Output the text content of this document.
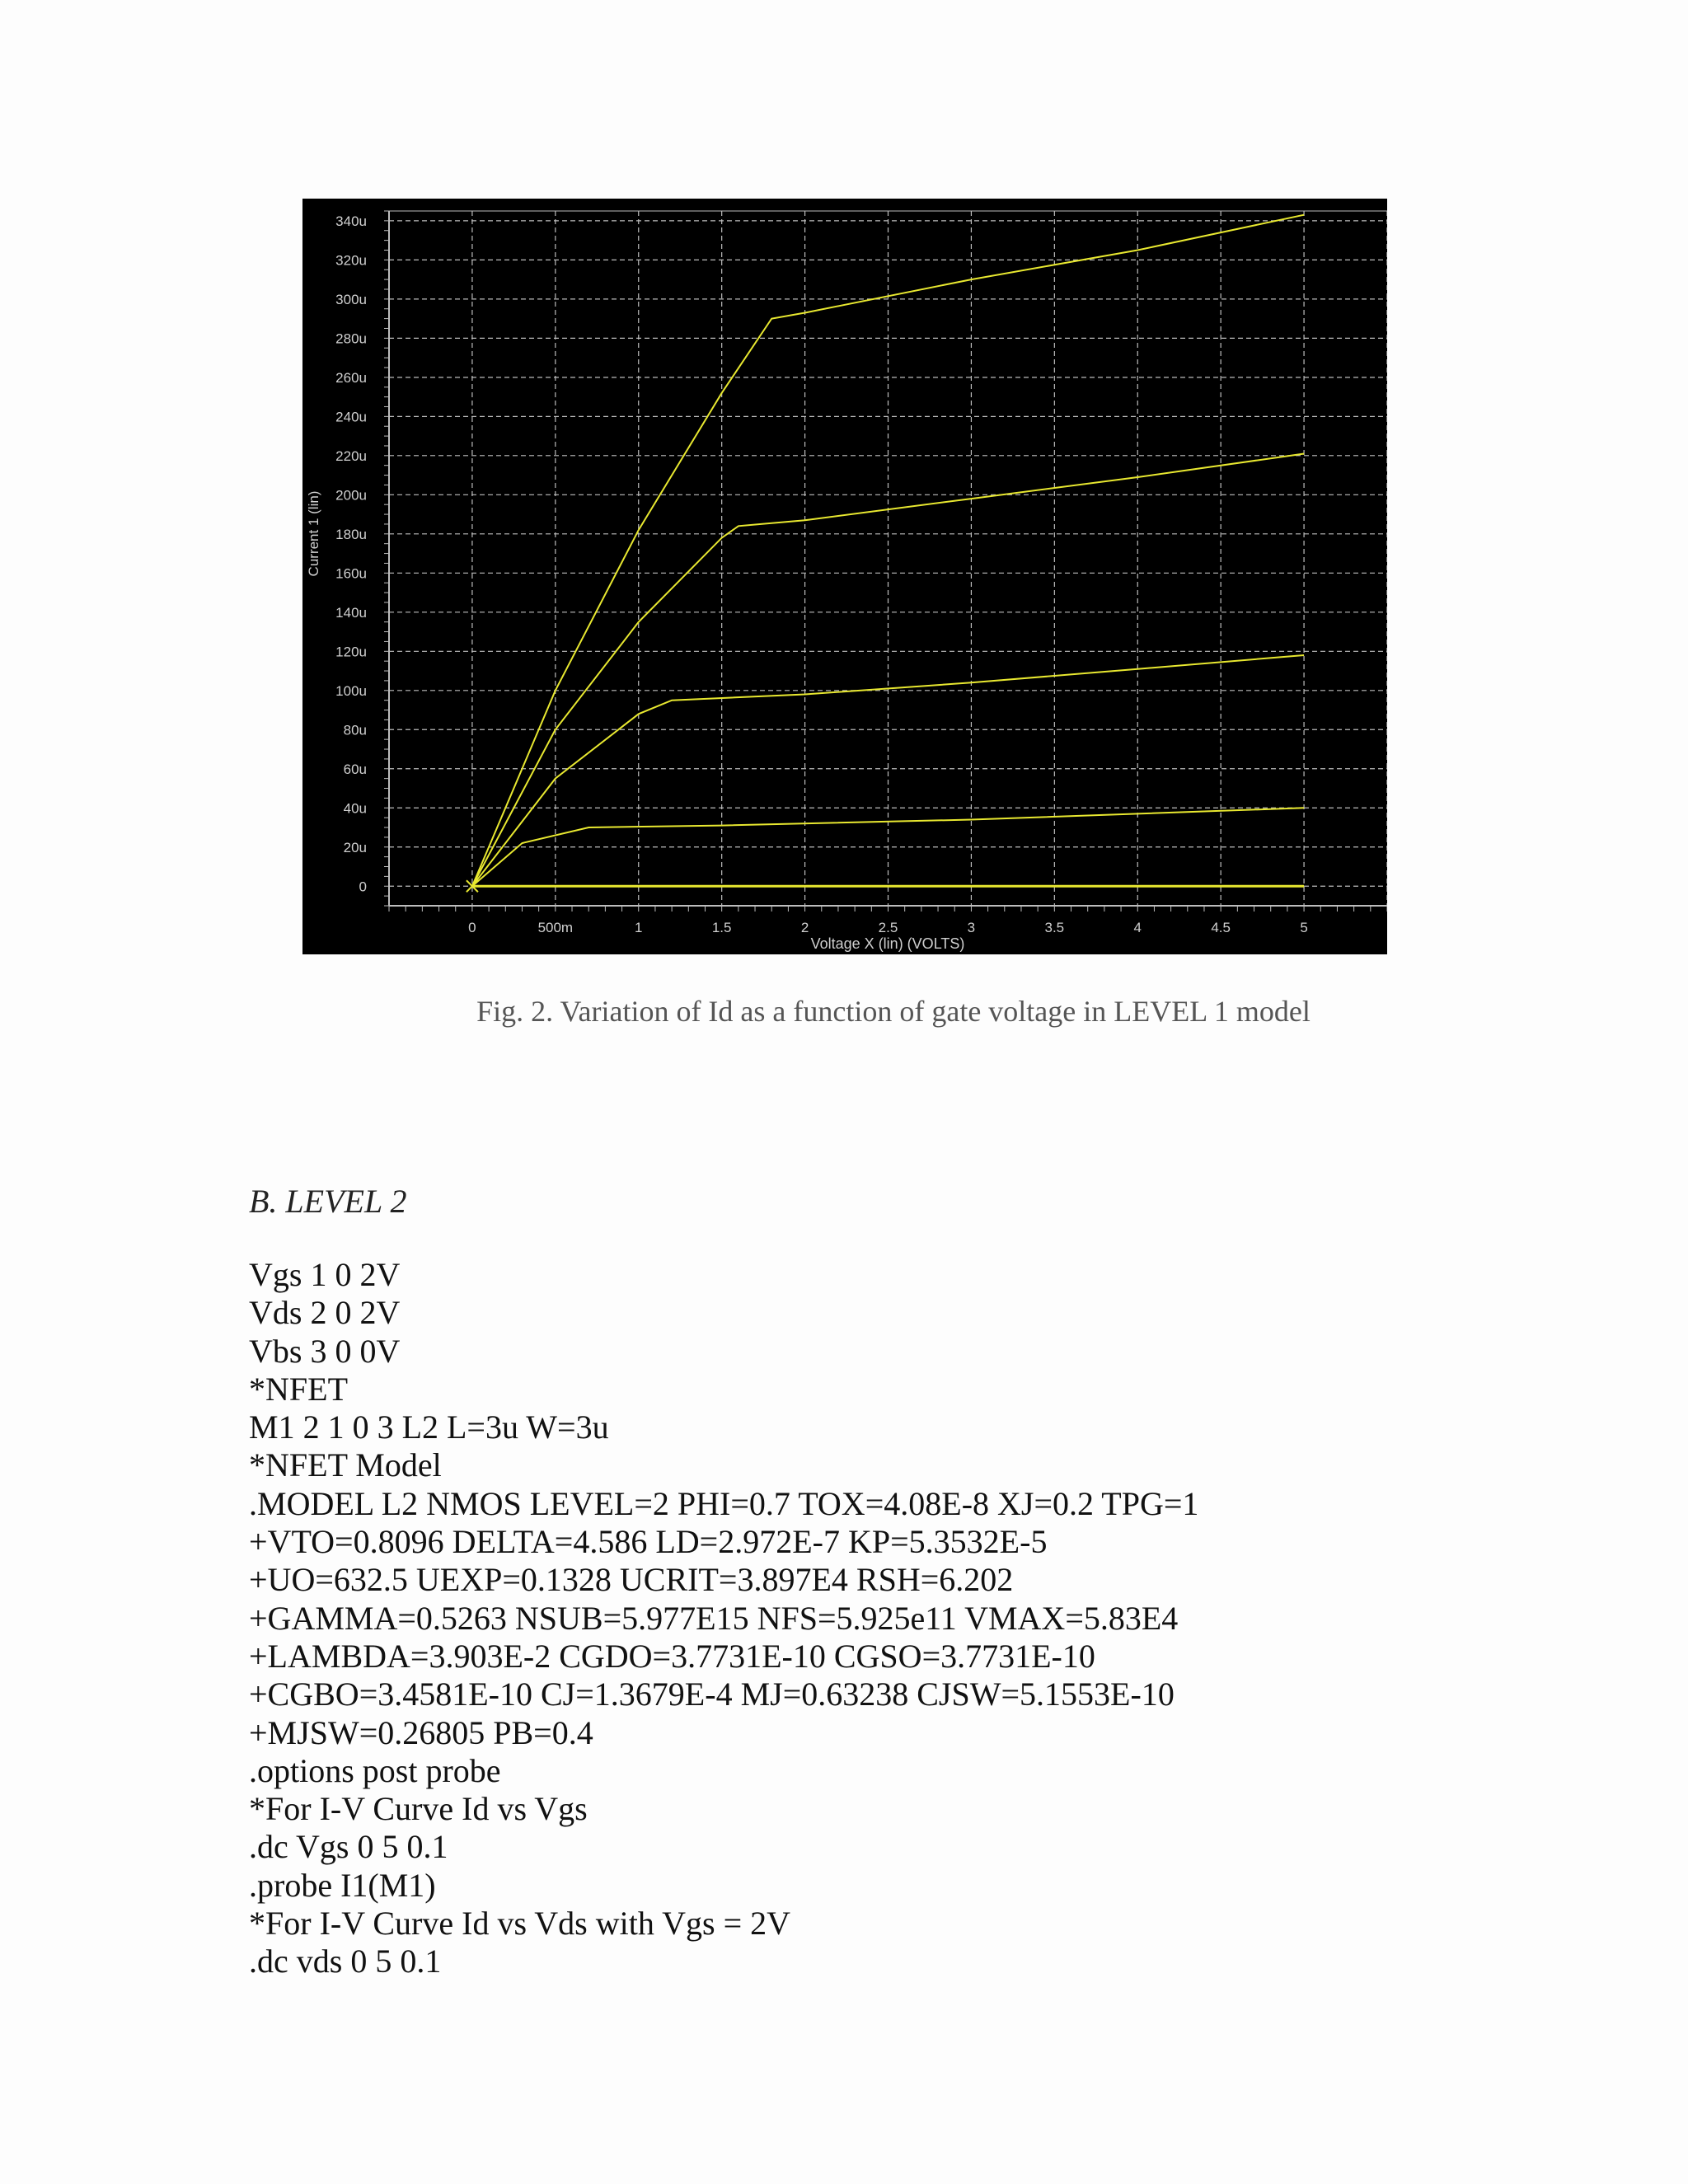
0
20u
40u
60u
80u
100u
120u
140u
160u
180u
200u
220u
240u
260u
280u
300u
320u
340u
0	500m	1	1.5	2	2.5	3	3.5	4	4.5	5
Voltage X (lin) (VOLTS)
Current 1 (lin)
Fig. 2. Variation of Id as a function of gate voltage in LEVEL 1 model
B. LEVEL 2
Vgs 1 0 2V
Vds 2 0 2V
Vbs 3 0 0V
*NFET
M1 2 1 0 3 L2 L=3u W=3u
*NFET Model
.MODEL L2 NMOS LEVEL=2 PHI=0.7 TOX=4.08E-8 XJ=0.2 TPG=1
+VTO=0.8096 DELTA=4.586 LD=2.972E-7 KP=5.3532E-5
+UO=632.5 UEXP=0.1328 UCRIT=3.897E4 RSH=6.202
+GAMMA=0.5263 NSUB=5.977E15 NFS=5.925e11 VMAX=5.83E4
+LAMBDA=3.903E-2 CGDO=3.7731E-10 CGSO=3.7731E-10
+CGBO=3.4581E-10 CJ=1.3679E-4 MJ=0.63238 CJSW=5.1553E-10
+MJSW=0.26805 PB=0.4
.options post probe
*For I-V Curve Id vs Vgs
.dc Vgs 0 5 0.1
.probe I1(M1)
*For I-V Curve Id vs Vds with Vgs = 2V
.dc vds 0 5 0.1
